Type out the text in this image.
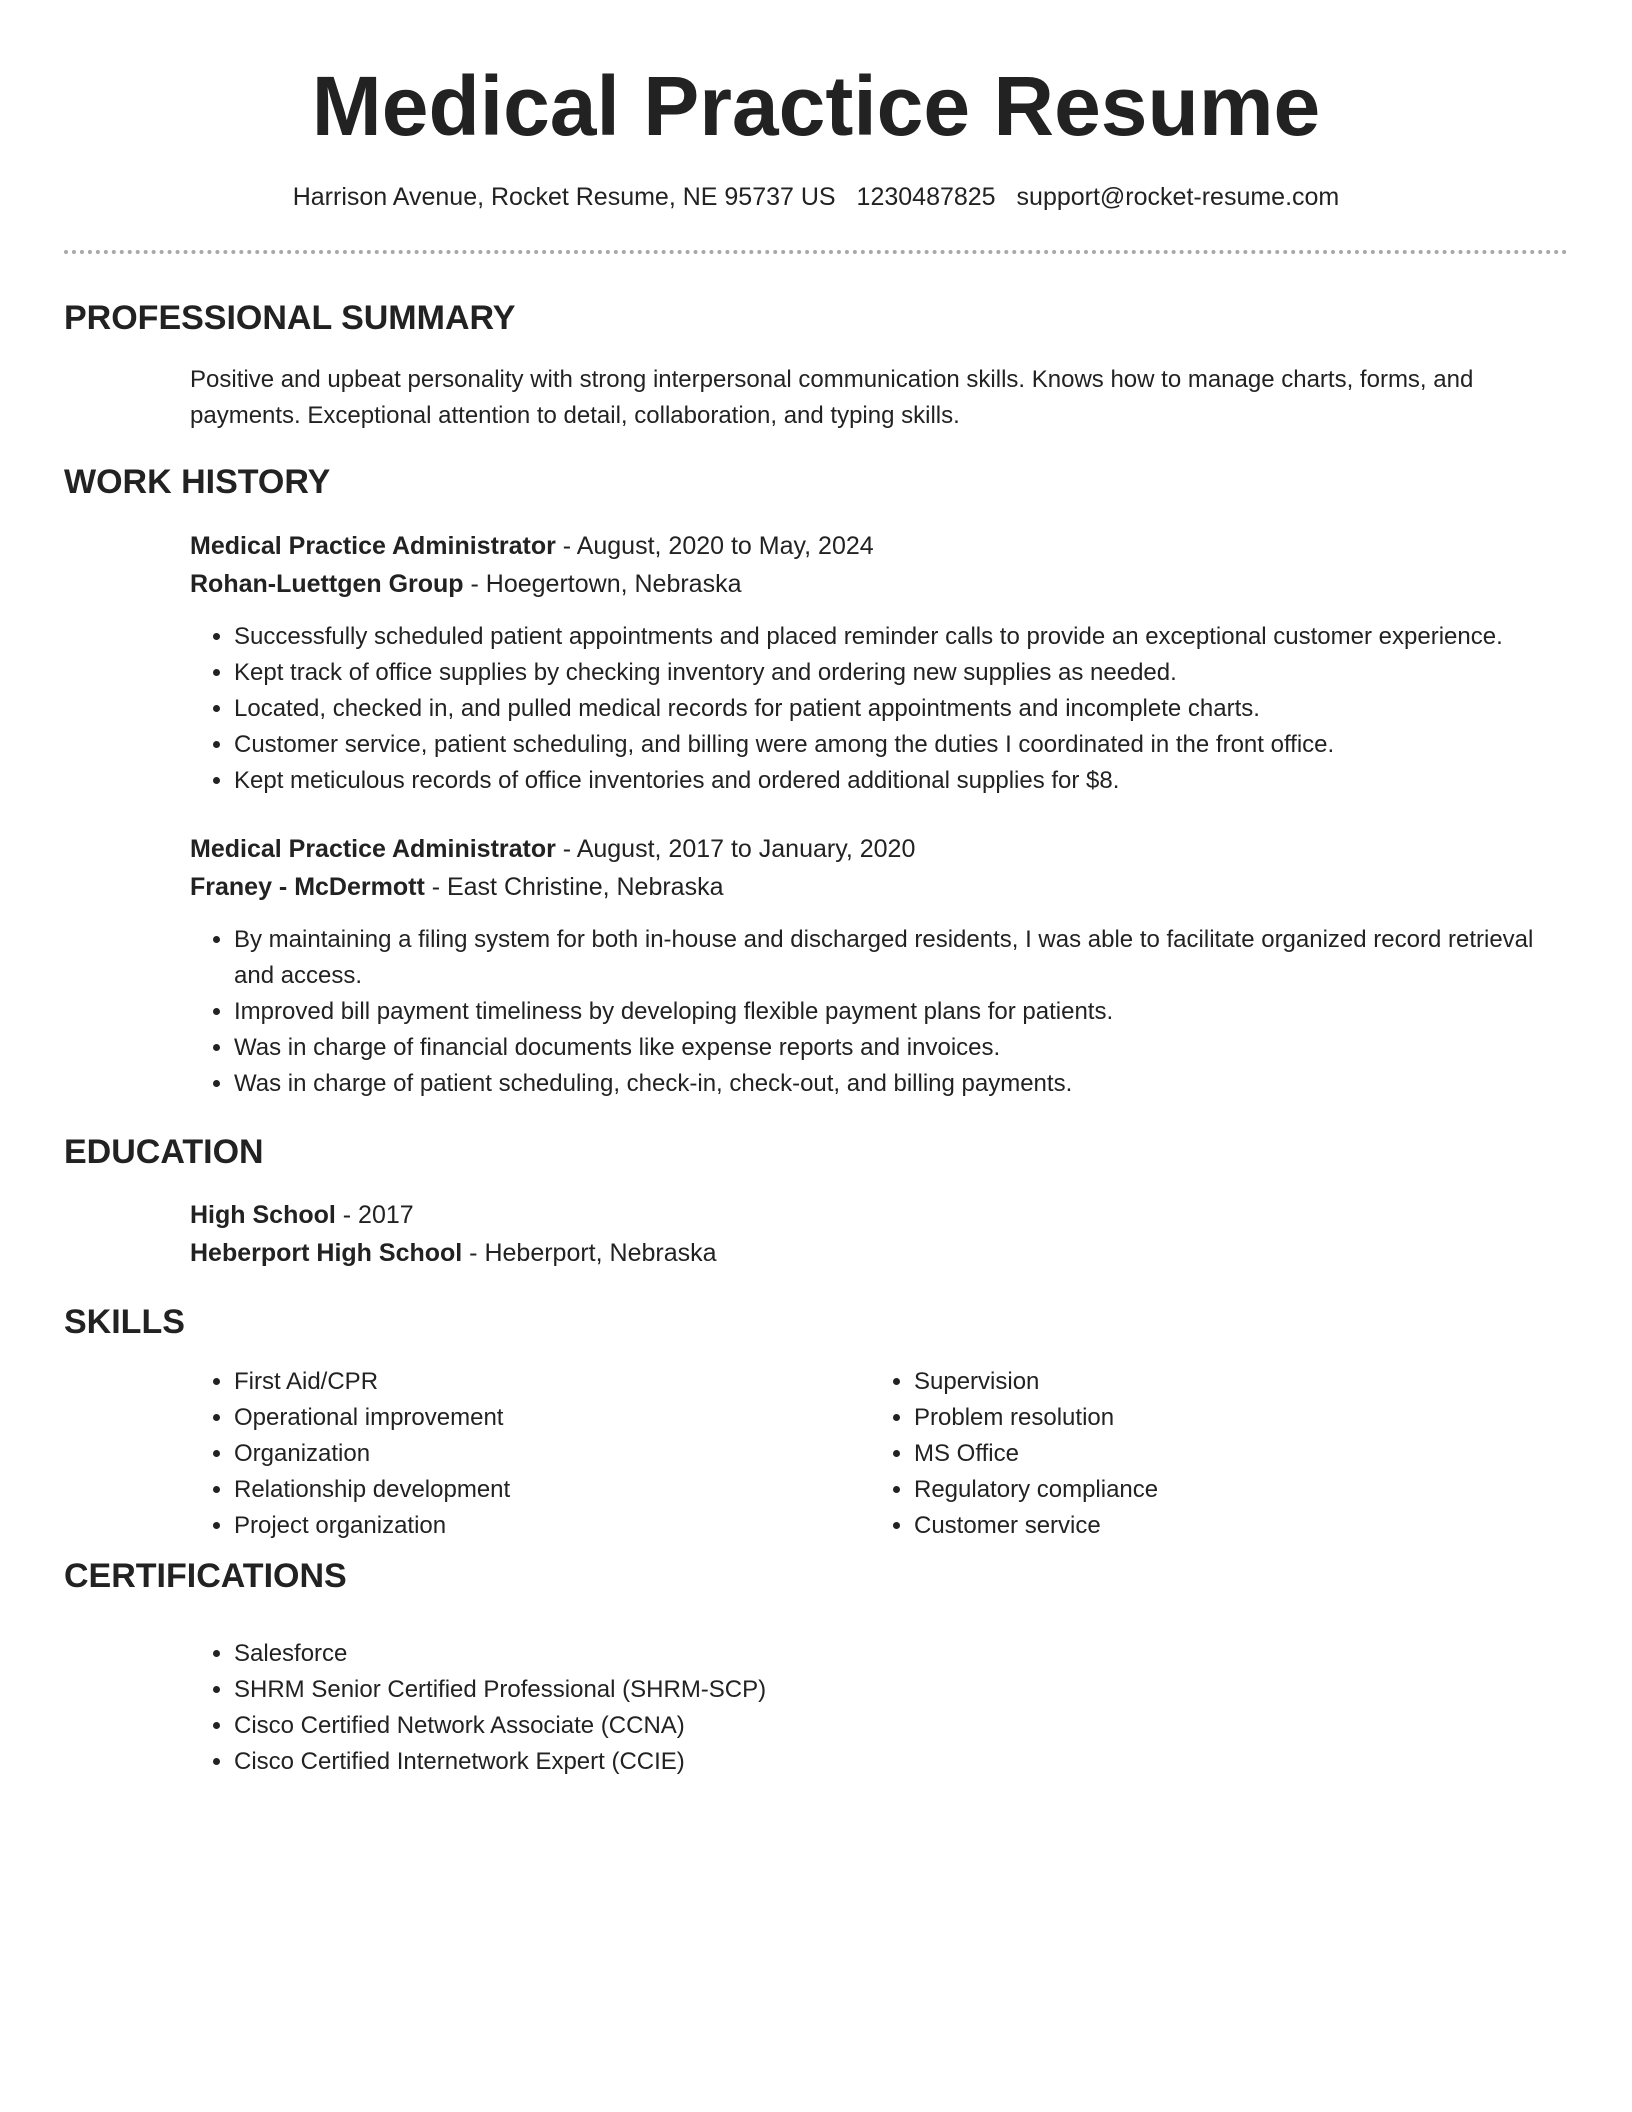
Medical Practice Resume
Harrison Avenue, Rocket Resume, NE 95737 US 1230487825 support@rocket-resume.com
PROFESSIONAL SUMMARY
Positive and upbeat personality with strong interpersonal communication skills. Knows how to manage charts, forms, and payments. Exceptional attention to detail, collaboration, and typing skills.
WORK HISTORY
Medical Practice Administrator - August, 2020 to May, 2024
Rohan-Luettgen Group - Hoegertown, Nebraska
• Successfully scheduled patient appointments and placed reminder calls to provide an exceptional customer experience.
• Kept track of office supplies by checking inventory and ordering new supplies as needed.
• Located, checked in, and pulled medical records for patient appointments and incomplete charts.
• Customer service, patient scheduling, and billing were among the duties I coordinated in the front office.
• Kept meticulous records of office inventories and ordered additional supplies for $8.
Medical Practice Administrator - August, 2017 to January, 2020
Franey - McDermott - East Christine, Nebraska
• By maintaining a filing system for both in-house and discharged residents, I was able to facilitate organized record retrieval and access.
• Improved bill payment timeliness by developing flexible payment plans for patients.
• Was in charge of financial documents like expense reports and invoices.
• Was in charge of patient scheduling, check-in, check-out, and billing payments.
EDUCATION
High School - 2017
Heberport High School - Heberport, Nebraska
SKILLS
• First Aid/CPR
• Operational improvement
• Organization
• Relationship development
• Project organization
• Supervision
• Problem resolution
• MS Office
• Regulatory compliance
• Customer service
CERTIFICATIONS
• Salesforce
• SHRM Senior Certified Professional (SHRM-SCP)
• Cisco Certified Network Associate (CCNA)
• Cisco Certified Internetwork Expert (CCIE)
